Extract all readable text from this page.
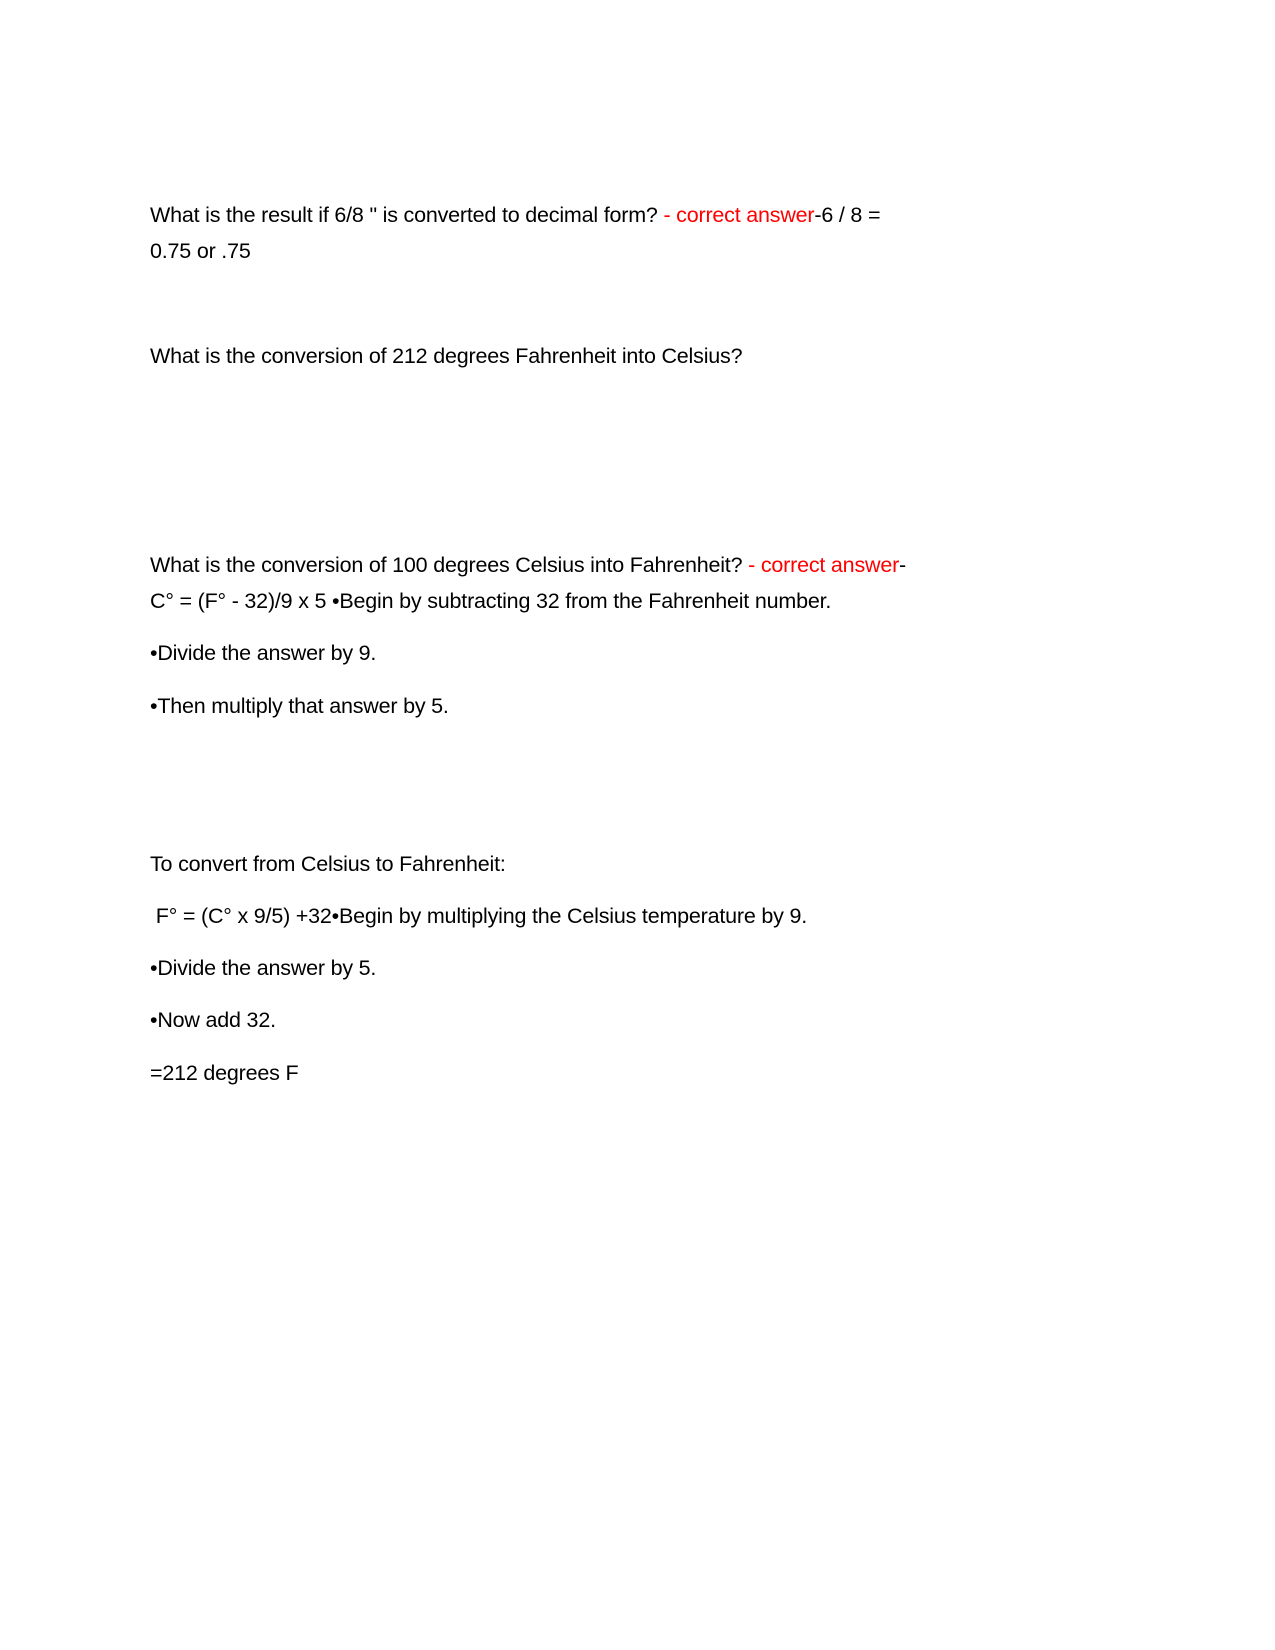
What is the result if 6/8 " is converted to decimal form? - correct answer-6 / 8 =
0.75 or .75
What is the conversion of 212 degrees Fahrenheit into Celsius?
What is the conversion of 100 degrees Celsius into Fahrenheit? - correct answer-
C° = (F° - 32)/9 x 5 •Begin by subtracting 32 from the Fahrenheit number.
•Divide the answer by 9.
•Then multiply that answer by 5.
To convert from Celsius to Fahrenheit:
F° = (C° x 9/5) +32•Begin by multiplying the Celsius temperature by 9.
•Divide the answer by 5.
•Now add 32.
=212 degrees F
